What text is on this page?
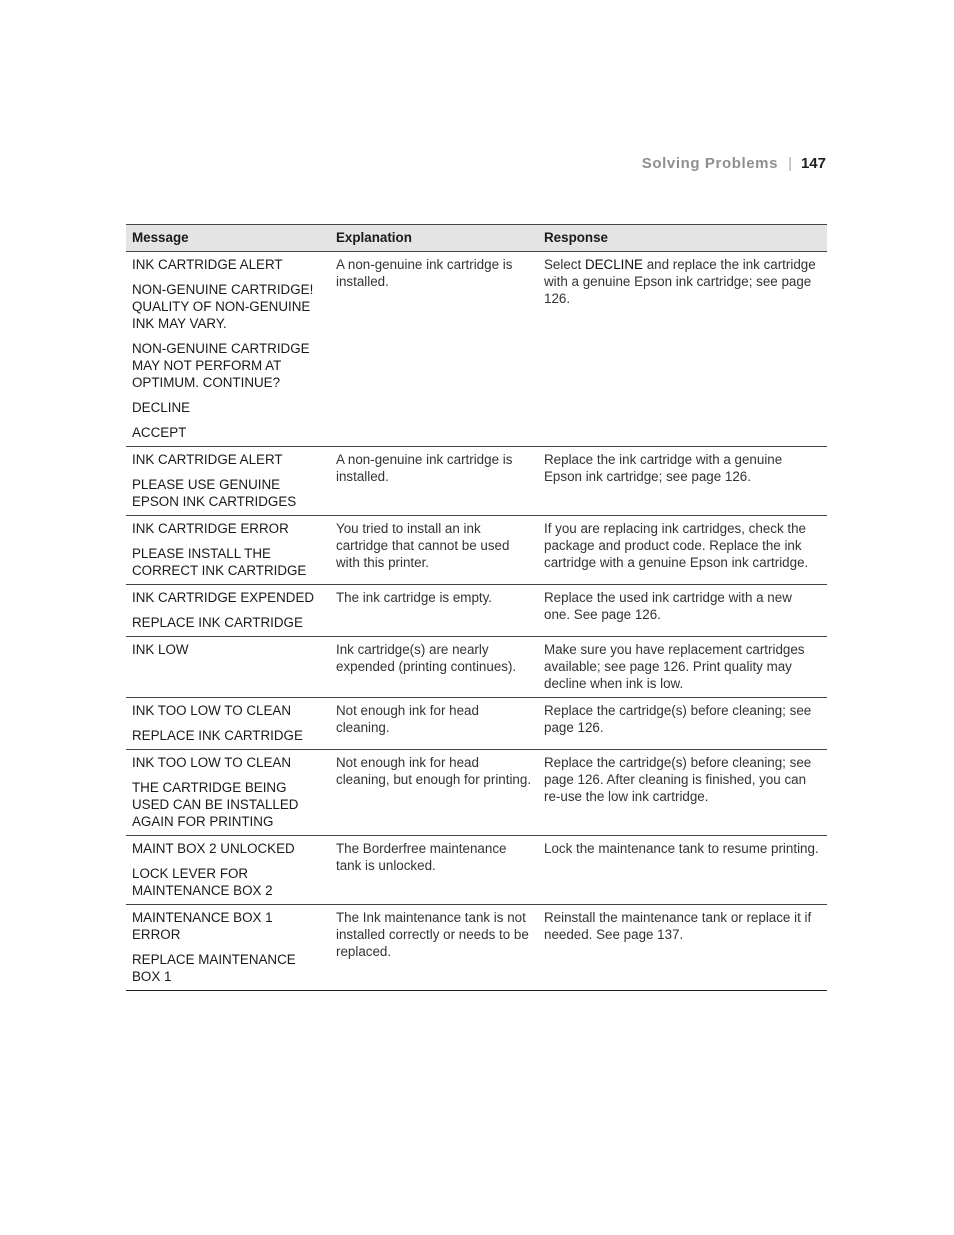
Solving Problems | 147
Message	Explanation	Response

INK CARTRIDGE ALERT
NON-GENUINE CARTRIDGE! QUALITY OF NON-GENUINE INK MAY VARY.
NON-GENUINE CARTRIDGE MAY NOT PERFORM AT OPTIMUM. CONTINUE?
DECLINE
ACCEPT	A non-genuine ink cartridge is installed.	Select DECLINE and replace the ink cartridge with a genuine Epson ink cartridge; see page 126.

INK CARTRIDGE ALERT
PLEASE USE GENUINE EPSON INK CARTRIDGES	A non-genuine ink cartridge is installed.	Replace the ink cartridge with a genuine Epson ink cartridge; see page 126.

INK CARTRIDGE ERROR
PLEASE INSTALL THE CORRECT INK CARTRIDGE	You tried to install an ink cartridge that cannot be used with this printer.	If you are replacing ink cartridges, check the package and product code. Replace the ink cartridge with a genuine Epson ink cartridge.

INK CARTRIDGE EXPENDED
REPLACE INK CARTRIDGE	The ink cartridge is empty.	Replace the used ink cartridge with a new one. See page 126.

INK LOW	Ink cartridge(s) are nearly expended (printing continues).	Make sure you have replacement cartridges available; see page 126. Print quality may decline when ink is low.

INK TOO LOW TO CLEAN
REPLACE INK CARTRIDGE	Not enough ink for head cleaning.	Replace the cartridge(s) before cleaning; see page 126.

INK TOO LOW TO CLEAN
THE CARTRIDGE BEING USED CAN BE INSTALLED AGAIN FOR PRINTING	Not enough ink for head cleaning, but enough for printing.	Replace the cartridge(s) before cleaning; see page 126. After cleaning is finished, you can re-use the low ink cartridge.

MAINT BOX 2 UNLOCKED
LOCK LEVER FOR MAINTENANCE BOX 2	The Borderfree maintenance tank is unlocked.	Lock the maintenance tank to resume printing.

MAINTENANCE BOX 1 ERROR
REPLACE MAINTENANCE BOX 1	The Ink maintenance tank is not installed correctly or needs to be replaced.	Reinstall the maintenance tank or replace it if needed. See page 137.
